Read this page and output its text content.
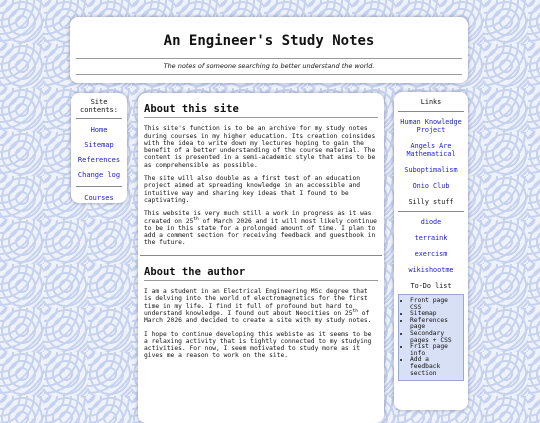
An Engineer's Study Notes
The notes of someone searching to better understand the world.
Site
contents:
Home
Sitemap
References
Change log
Courses
About this site

This site's function is to be an archive for my study notes during courses in my higher education. Its creation coinsides with the idea to write down my lectures hoping to gain the benefit of a better understanding of the course material. The content is presented in a semi-academic style that aims to be as comprehensible as possible.

The site will also double as a first test of an education project aimed at spreading knowledge in an accessible and intuitive way and sharing key ideas that I found to be captivating.

This website is very much still a work in progress as it was created on 25th of March 2026 and it will most likely continue to be in this state for a prolonged amount of time. I plan to add a comment section for receiving feedback and guestbook in the future.

About the author

I am a student in an Electrical Engineering MSc degree that is delving into the world of electromagnetics for the first time in my life. I find it full of profound but hard to understand knowledge. I found out about Neocities on 25th of March 2026 and decided to create a site with my study notes.

I hope to continue developing this webiste as it seems to be a relaxing activity that is tightly connected to my studying activities. For now, I seem motivated to study more as it gives me a reason to work on the site.

Links
Human Knowledge Project
Angels Are Mathematical
Suboptimalism
Onio Club
Silly stuff
diode
terraink
exercism
wikishootme
To-Do list
• Front page CSS
• Sitemap
• References page
• Secondary pages + CSS
• Frist page info
• Add a feedback section
